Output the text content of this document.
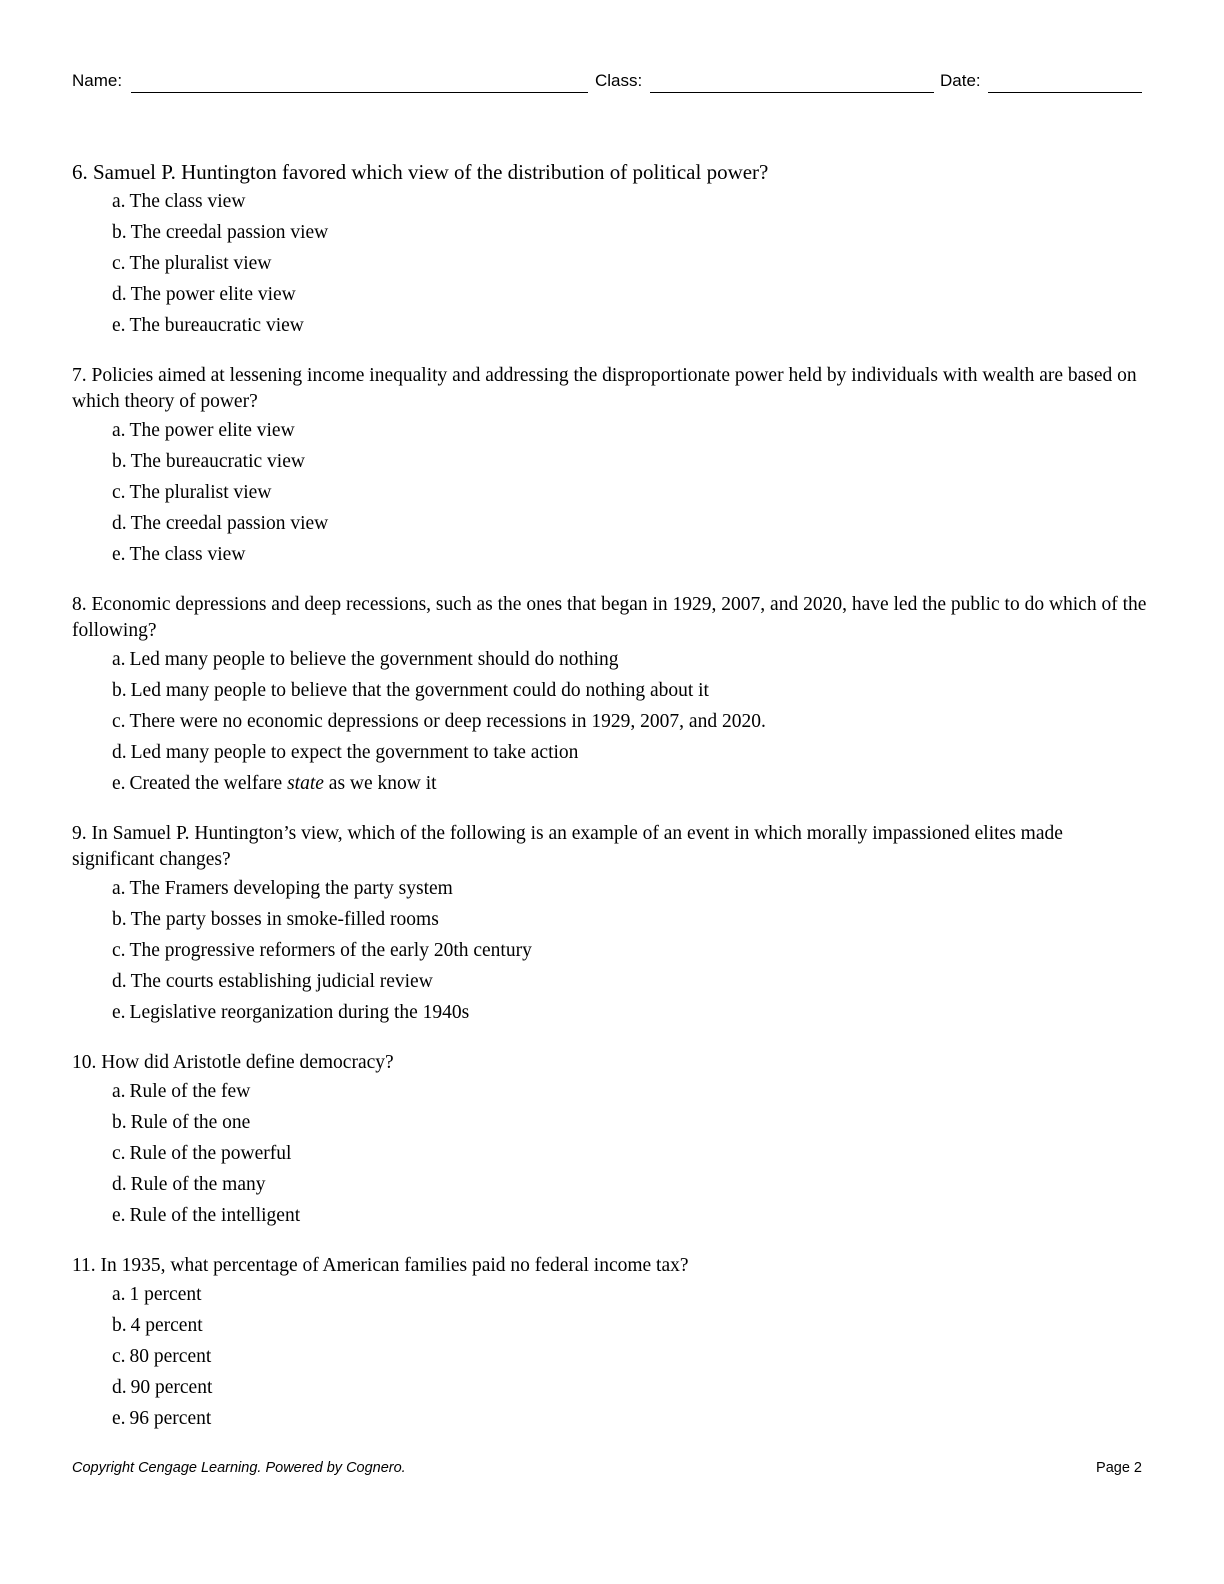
Name:	Class:	Date:
6. Samuel P. Huntington favored which view of the distribution of political power?
a. The class view
b. The creedal passion view
c. The pluralist view
d. The power elite view
e. The bureaucratic view
7. Policies aimed at lessening income inequality and addressing the disproportionate power held by individuals with wealth are based on which theory of power?
a. The power elite view
b. The bureaucratic view
c. The pluralist view
d. The creedal passion view
e. The class view
8. Economic depressions and deep recessions, such as the ones that began in 1929, 2007, and 2020, have led the public to do which of the following?
a. Led many people to believe the government should do nothing
b. Led many people to believe that the government could do nothing about it
c. There were no economic depressions or deep recessions in 1929, 2007, and 2020.
d. Led many people to expect the government to take action
e. Created the welfare state as we know it
9. In Samuel P. Huntington’s view, which of the following is an example of an event in which morally impassioned elites made significant changes?
a. The Framers developing the party system
b. The party bosses in smoke-filled rooms
c. The progressive reformers of the early 20th century
d. The courts establishing judicial review
e. Legislative reorganization during the 1940s
10. How did Aristotle define democracy?
a. Rule of the few
b. Rule of the one
c. Rule of the powerful
d. Rule of the many
e. Rule of the intelligent
11. In 1935, what percentage of American families paid no federal income tax?
a. 1 percent
b. 4 percent
c. 80 percent
d. 90 percent
e. 96 percent
Copyright Cengage Learning. Powered by Cognero.	Page 2
